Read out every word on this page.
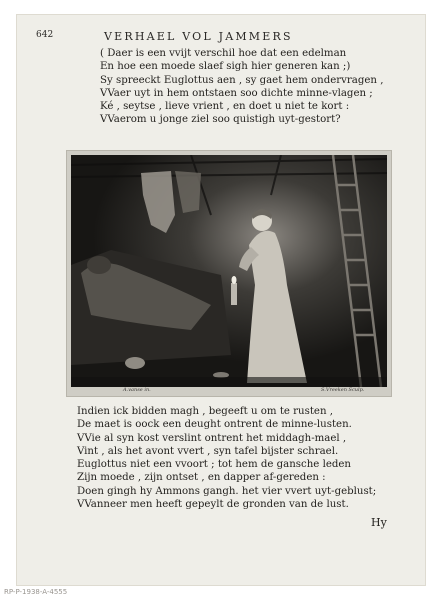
642	VERHAEL VOL JAMMERS
( Daer is een vvijt verschil hoe dat een edelman
En hoe een moede slaef sigh hier generen kan ;)
Sy spreeckt Euglottus aen , sy gaet hem ondervragen ,
VVaer uyt in hem ontstaen soo dichte minne-vlagen ;
Ké , seytse , lieve vrient , en doet u niet te kort :
VVaerom u jonge ziel soo quistigh uyt-gestort?
A.vanse in.	S.Vreeken Sculp.
Indien ick bidden magh , begeeft u om te rusten ,
De maet is oock een deught ontrent de minne-lusten.
VVie al syn kost verslint ontrent het middagh-mael ,
Vint , als het avont vvert , syn tafel bijster schrael.
Euglottus niet een vvoort ; tot hem de gansche leden
Zijn moede , zijn ontset , en dapper af-gereden :
Doen gingh hy Ammons gangh. het vier vvert uyt-geblust;
VVanneer men heeft gepeylt de gronden van de lust.
Hy
RP-P-1938-A-4555
